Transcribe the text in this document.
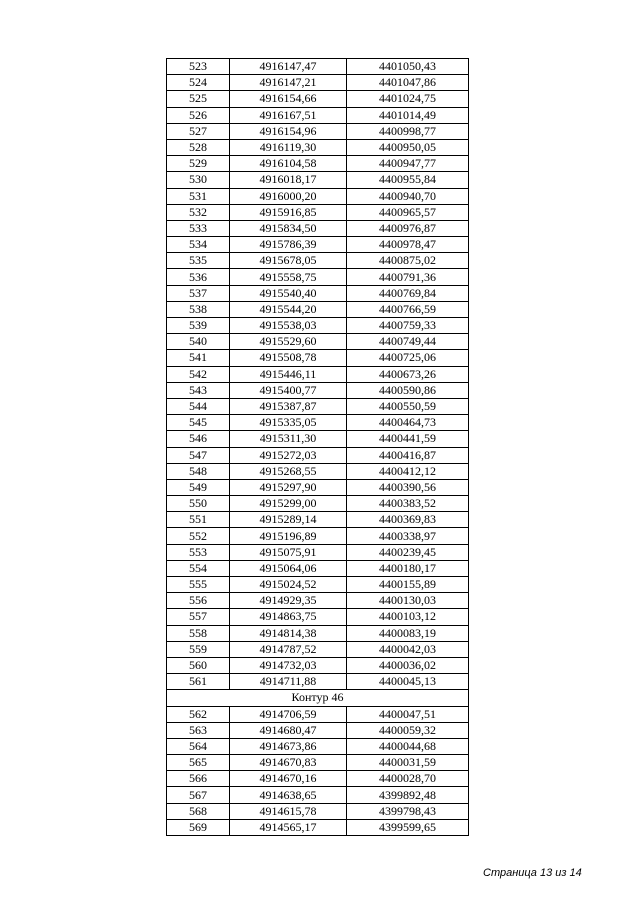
523	4916147,47	4401050,43
524	4916147,21	4401047,86
525	4916154,66	4401024,75
526	4916167,51	4401014,49
527	4916154,96	4400998,77
528	4916119,30	4400950,05
529	4916104,58	4400947,77
530	4916018,17	4400955,84
531	4916000,20	4400940,70
532	4915916,85	4400965,57
533	4915834,50	4400976,87
534	4915786,39	4400978,47
535	4915678,05	4400875,02
536	4915558,75	4400791,36
537	4915540,40	4400769,84
538	4915544,20	4400766,59
539	4915538,03	4400759,33
540	4915529,60	4400749,44
541	4915508,78	4400725,06
542	4915446,11	4400673,26
543	4915400,77	4400590,86
544	4915387,87	4400550,59
545	4915335,05	4400464,73
546	4915311,30	4400441,59
547	4915272,03	4400416,87
548	4915268,55	4400412,12
549	4915297,90	4400390,56
550	4915299,00	4400383,52
551	4915289,14	4400369,83
552	4915196,89	4400338,97
553	4915075,91	4400239,45
554	4915064,06	4400180,17
555	4915024,52	4400155,89
556	4914929,35	4400130,03
557	4914863,75	4400103,12
558	4914814,38	4400083,19
559	4914787,52	4400042,03
560	4914732,03	4400036,02
561	4914711,88	4400045,13
Контур 46		
562	4914706,59	4400047,51
563	4914680,47	4400059,32
564	4914673,86	4400044,68
565	4914670,83	4400031,59
566	4914670,16	4400028,70
567	4914638,65	4399892,48
568	4914615,78	4399798,43
569	4914565,17	4399599,65
Страница 13 из 14
